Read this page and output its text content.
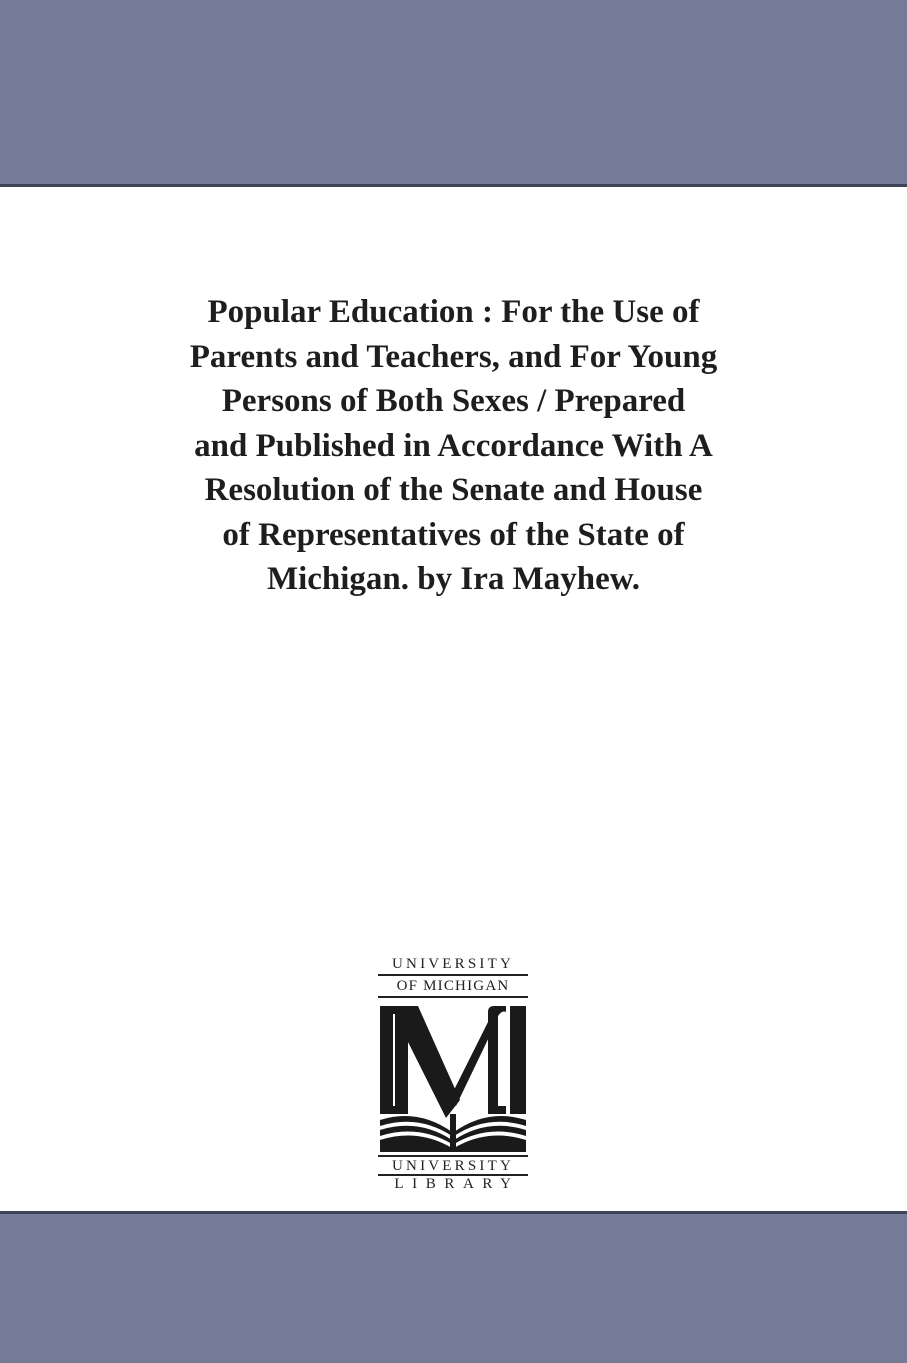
Popular Education : For the Use of
Parents and Teachers, and For Young
Persons of Both Sexes / Prepared
and Published in Accordance With A
Resolution of the Senate and House
of Representatives of the State of
Michigan. by Ira Mayhew.
UNIVERSITY
OF MICHIGAN
UNIVERSITY
LIBRARY
